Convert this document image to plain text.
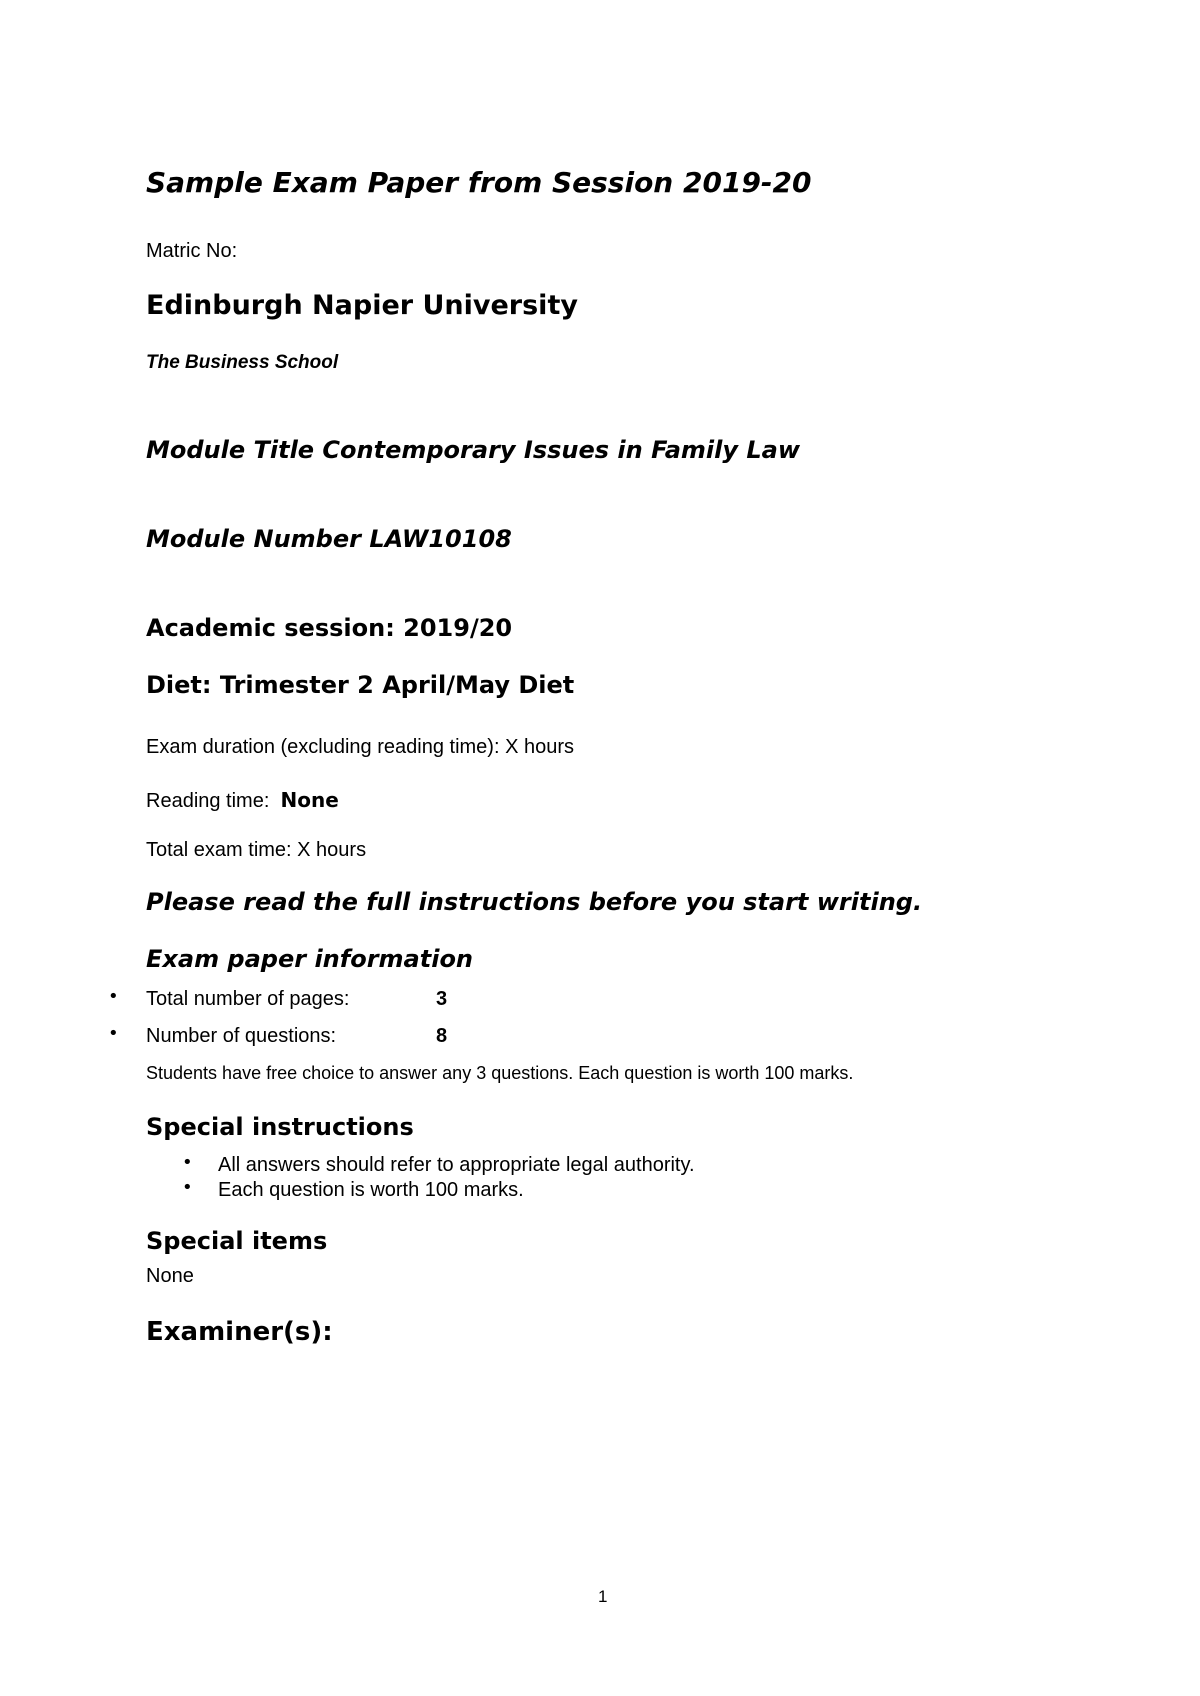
Sample Exam Paper from Session 2019-20
Matric No:
Edinburgh Napier University
The Business School
Module Title Contemporary Issues in Family Law
Module Number LAW10108
Academic session: 2019/20
Diet: Trimester 2 April/May Diet
Exam duration (excluding reading time): X hours
Reading time: None
Total exam time: X hours
Please read the full instructions before you start writing.
Exam paper information
• Total number of pages:	3
• Number of questions:	8
Students have free choice to answer any 3 questions. Each question is worth 100 marks.
Special instructions
• All answers should refer to appropriate legal authority.
• Each question is worth 100 marks.
Special items
None
Examiner(s):
1
